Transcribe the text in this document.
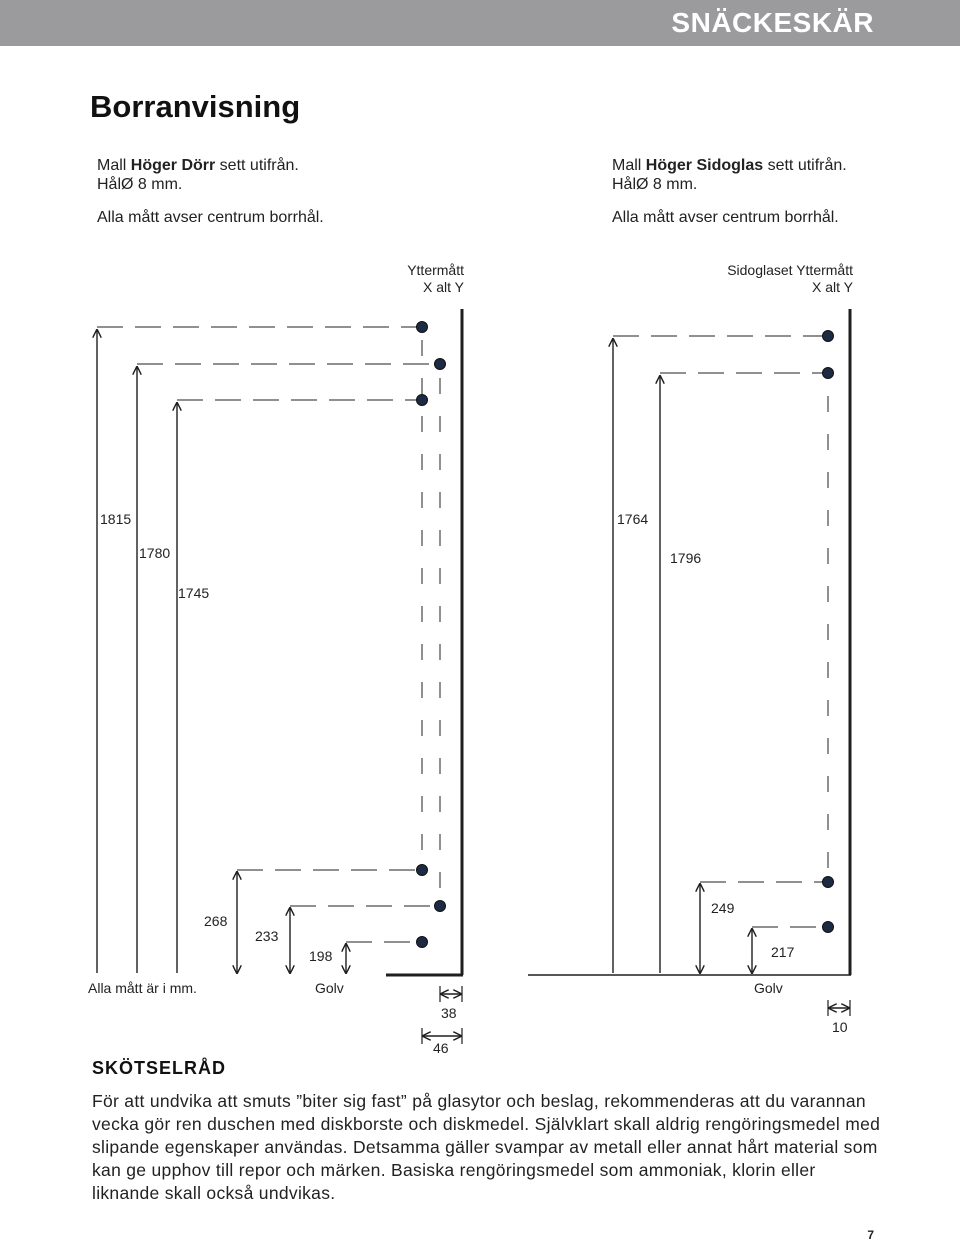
SNÄCKESKÄR
Borranvisning
Mall Höger Dörr sett utifrån.
HålØ 8 mm.
Alla mått avser centrum borrhål.
Mall Höger Sidoglas sett utifrån.
HålØ 8 mm.
Alla mått avser centrum borrhål.
Yttermått
X alt Y
Sidoglaset Yttermått
X alt Y
1815
1780
1745
268
233
198
38
46
Alla mått är i mm.	Golv
1764
1796
249
217
10
Golv
SKÖTSELRÅD

För att undvika att smuts ”biter sig fast” på glasytor och beslag, rekommenderas att du varannan vecka gör ren duschen med diskborste och diskmedel. Självklart skall aldrig rengöringsmedel med slipande egenskaper användas. Detsamma gäller svampar av metall eller annat hårt material som kan ge upphov till repor och märken. Basiska rengöringsmedel som ammoniak, klorin eller liknande skall också undvikas.

7
